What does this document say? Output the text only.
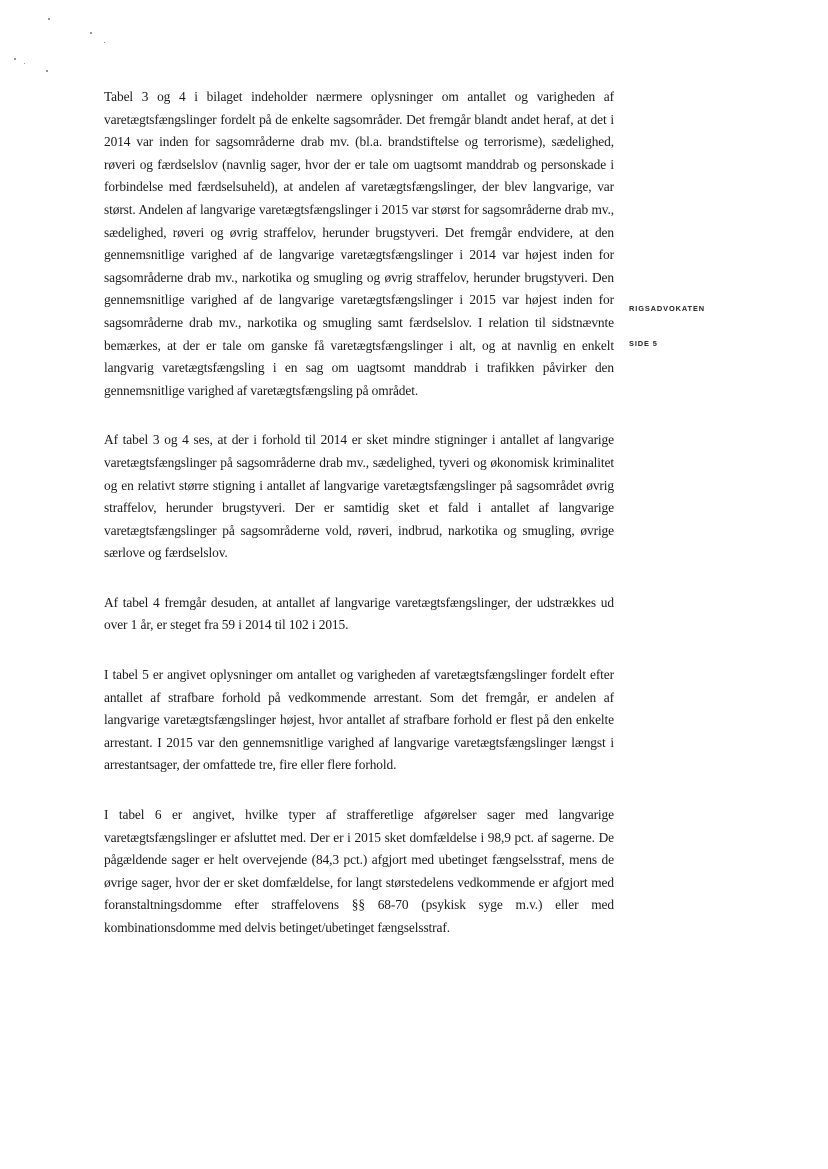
Tabel 3 og 4 i bilaget indeholder nærmere oplysninger om antallet og varigheden af varetægtsfængslinger fordelt på de enkelte sagsområder. Det fremgår blandt andet heraf, at det i 2014 var inden for sagsområderne drab mv. (bl.a. brandstiftelse og terrorisme), sædelighed, røveri og færdselslov (navnlig sager, hvor der er tale om uagtsomt manddrab og personskade i forbindelse med færdselsuheld), at andelen af varetægtsfængslinger, der blev langvarige, var størst. Andelen af langvarige varetægtsfængslinger i 2015 var størst for sagsområderne drab mv., sædelighed, røveri og øvrig straffelov, herunder brugstyveri. Det fremgår endvidere, at den gennemsnitlige varighed af de langvarige varetægtsfængslinger i 2014 var højest inden for sagsområderne drab mv., narkotika og smugling og øvrig straffelov, herunder brugstyveri. Den gennemsnitlige varighed af de langvarige varetægtsfængslinger i 2015 var højest inden for sagsområderne drab mv., narkotika og smugling samt færdselslov. I relation til sidstnævnte bemærkes, at der er tale om ganske få varetægtsfængslinger i alt, og at navnlig en enkelt langvarig varetægtsfængsling i en sag om uagtsomt manddrab i trafikken påvirker den gennemsnitlige varighed af varetægtsfængsling på området.

Af tabel 3 og 4 ses, at der i forhold til 2014 er sket mindre stigninger i antallet af langvarige varetægtsfængslinger på sagsområderne drab mv., sædelighed, tyveri og økonomisk kriminalitet og en relativt større stigning i antallet af langvarige varetægtsfængslinger på sagsområdet øvrig straffelov, herunder brugstyveri. Der er samtidig sket et fald i antallet af langvarige varetægtsfængslinger på sagsområderne vold, røveri, indbrud, narkotika og smugling, øvrige særlove og færdselslov.

Af tabel 4 fremgår desuden, at antallet af langvarige varetægtsfængslinger, der udstrækkes ud over 1 år, er steget fra 59 i 2014 til 102 i 2015.

I tabel 5 er angivet oplysninger om antallet og varigheden af varetægtsfængslinger fordelt efter antallet af strafbare forhold på vedkommende arrestant. Som det fremgår, er andelen af langvarige varetægtsfængslinger højest, hvor antallet af strafbare forhold er flest på den enkelte arrestant. I 2015 var den gennemsnitlige varighed af langvarige varetægtsfængslinger længst i arrestantsager, der omfattede tre, fire eller flere forhold.

I tabel 6 er angivet, hvilke typer af strafferetlige afgørelser sager med langvarige varetægtsfængslinger er afsluttet med. Der er i 2015 sket domfældelse i 98,9 pct. af sagerne. De pågældende sager er helt overvejende (84,3 pct.) afgjort med ubetinget fængselsstraf, mens de øvrige sager, hvor der er sket domfældelse, for langt størstedelens vedkommende er afgjort med foranstaltningsdomme efter straffelovens §§ 68-70 (psykisk syge m.v.) eller med kombinationsdomme med delvis betinget/ubetinget fængselsstraf.

RIGSADVOKATEN
SIDE 5
